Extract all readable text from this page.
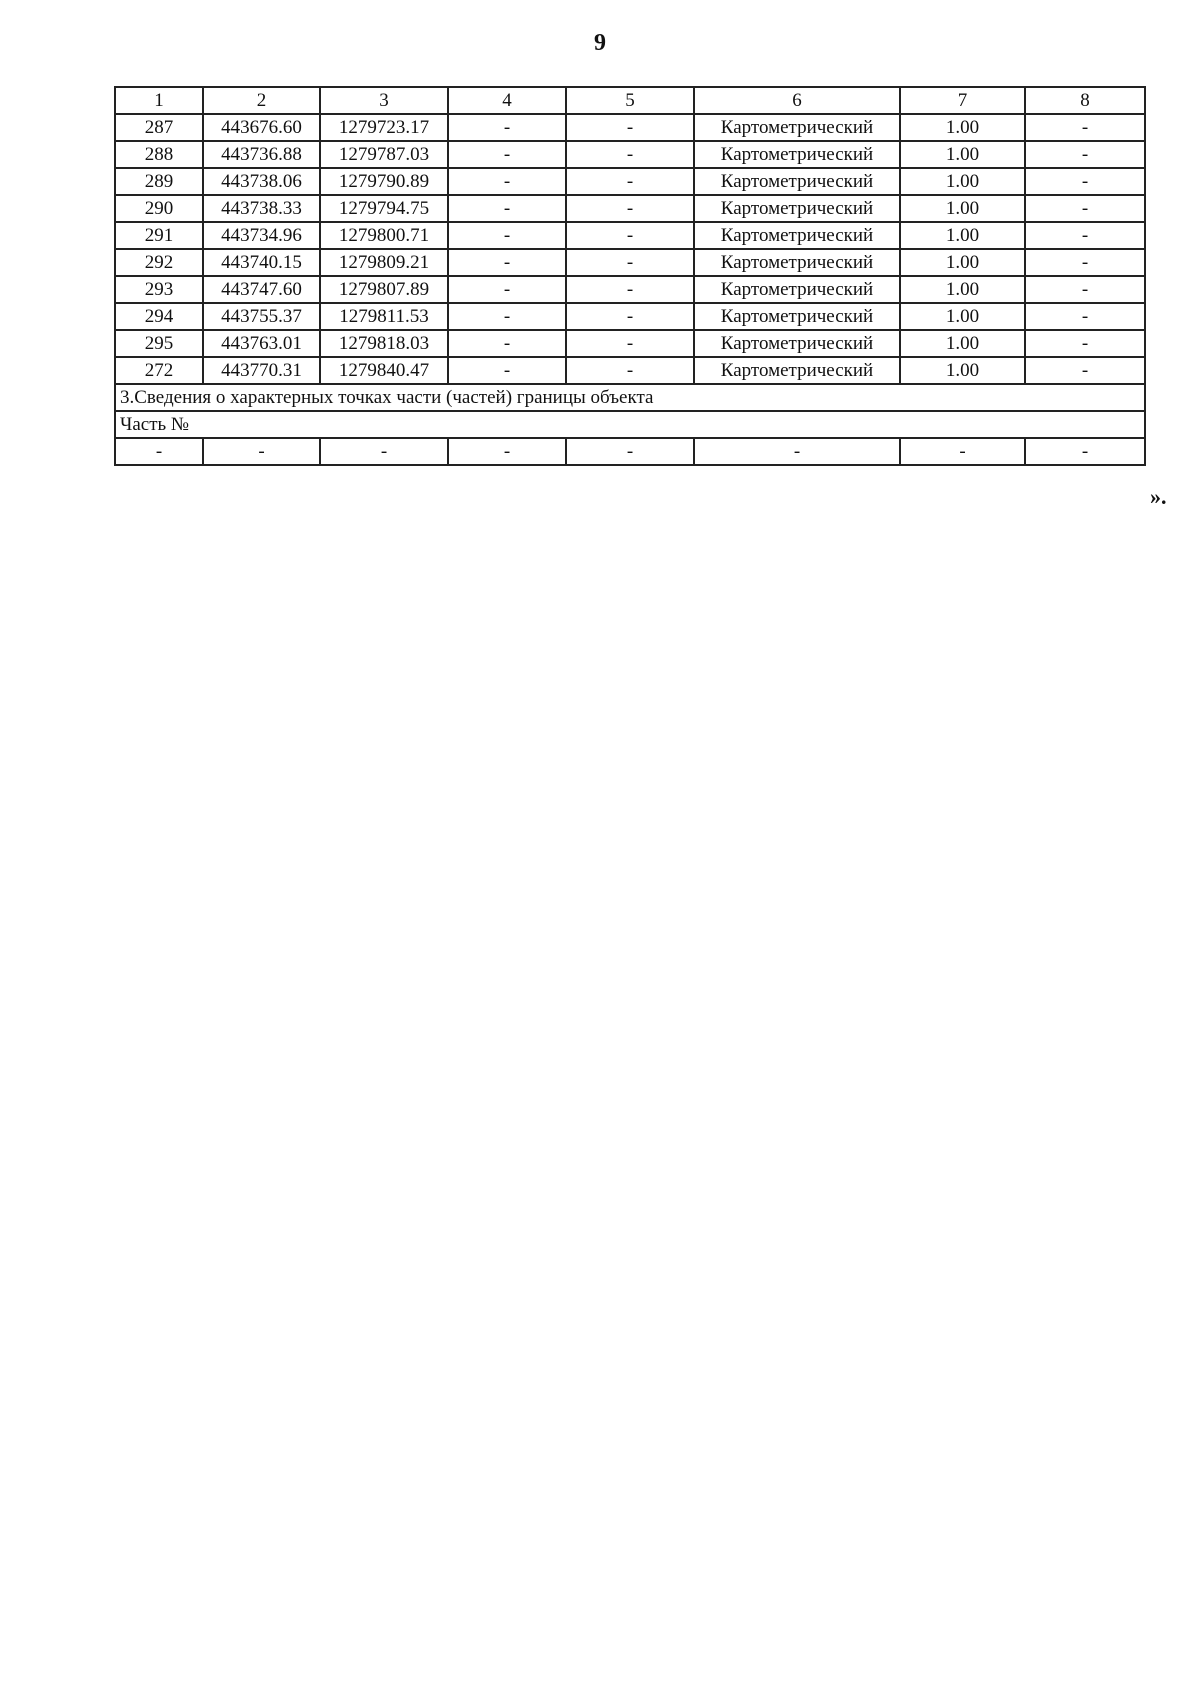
9
1	2	3	4	5	6	7	8
287	443676.60	1279723.17	-	-	Картометрический	1.00	-
288	443736.88	1279787.03	-	-	Картометрический	1.00	-
289	443738.06	1279790.89	-	-	Картометрический	1.00	-
290	443738.33	1279794.75	-	-	Картометрический	1.00	-
291	443734.96	1279800.71	-	-	Картометрический	1.00	-
292	443740.15	1279809.21	-	-	Картометрический	1.00	-
293	443747.60	1279807.89	-	-	Картометрический	1.00	-
294	443755.37	1279811.53	-	-	Картометрический	1.00	-
295	443763.01	1279818.03	-	-	Картометрический	1.00	-
272	443770.31	1279840.47	-	-	Картометрический	1.00	-
3.Сведения о характерных точках части (частей) границы объекта							
Часть №							
-	-	-	-	-	-	-	-
».
